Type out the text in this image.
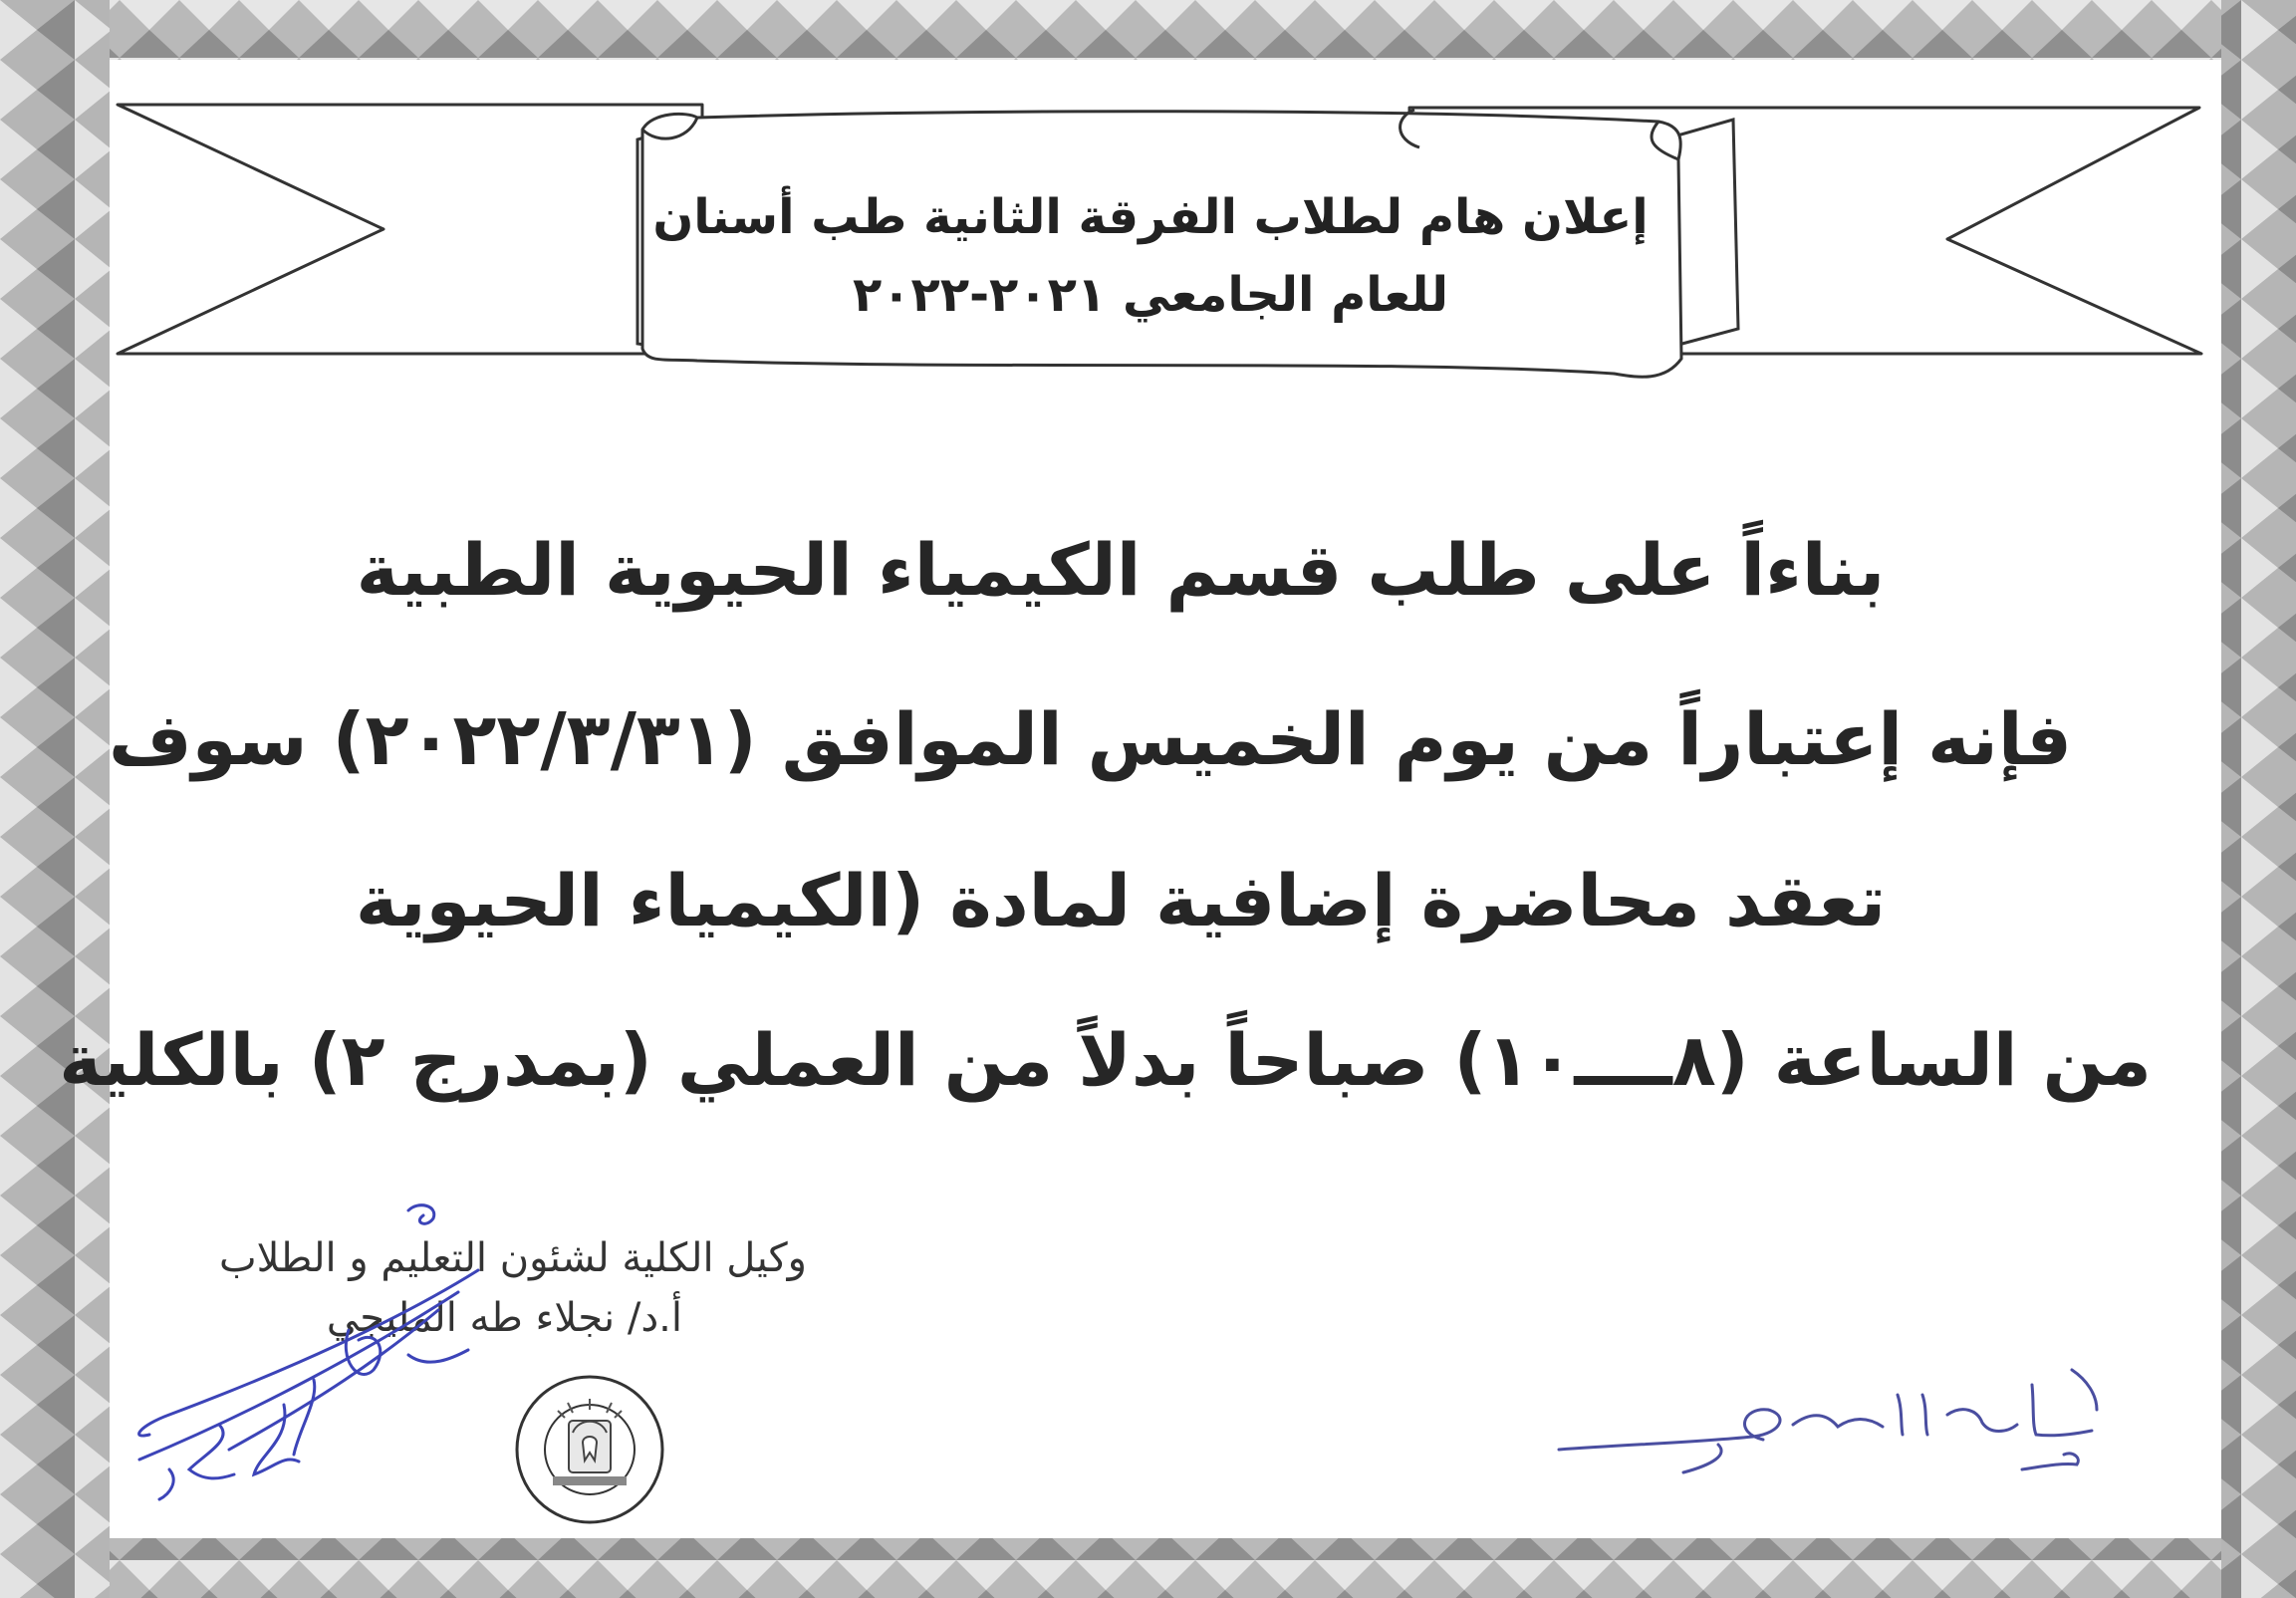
إعلان هام لطلاب الفرقة الثانية طب أسنان
للعام الجامعي ٢٠٢١-٢٠٢٢
بناءاً على طلب قسم الكيمياء الحيوية الطبية
فإنه إعتباراً من يوم الخميس الموافق (٢٠٢٢/٣/٣١) سوف
تعقد محاضرة إضافية لمادة (الكيمياء الحيوية
من الساعة (٨ــــ١٠) صباحاً بدلاً من العملي (بمدرج ٢) بالكلية
وكيل الكلية لشئون التعليم و الطلاب
أ.د/ نجلاء طه المليجي
